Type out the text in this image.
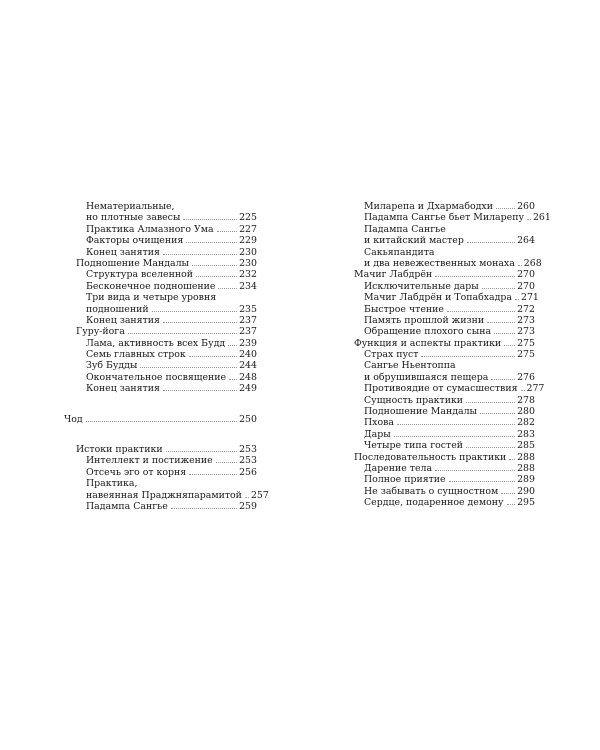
Нематериальные,
но плотные завесы	225
Практика Алмазного Ума	227
Факторы очищения	229
Конец занятия	230
Подношение Мандалы	230
Структура вселенной	232
Бесконечное подношение	234
Три вида и четыре уровня
подношений	235
Конец занятия	237
Гуру-йога	237
Лама, активность всех Будд 239
Семь главных строк	240
Зуб Будды	244
Окончательное посвящение 248
Конец занятия	249
Чод	250
Истоки практики	253
Интеллект и постижение	253
Отсечь эго от корня	256
Практика,
навеянная Праджняпарамитой 257
Падампа Сангье	259
Миларепа и Дхармабодхи	260
Падампа Сангье бьет Миларепу 261
Падампа Сангье
и китайский мастер	264
Сакьяпандита
и два невежественных монаха 268
Мачиг Лабдрён	270
Исключительные дары	270
Мачиг Лабдрён и Топабхадра 271
Быстрое чтение	272
Память прошлой жизни	273
Обращение плохого сына	273
Функция и аспекты практики 275
Страх пуст	275
Сангье Ньентоппа
и обрушившаяся пещера	276
Противоядие от сумасшествия 277
Сущность практики	278
Подношение Мандалы	280
Пхова	282
Дары	283
Четыре типа гостей	285
Последовательность практики 288
Дарение тела	288
Полное приятие	289
Не забывать о сущностном 290
Сердце, подаренное демону 295
